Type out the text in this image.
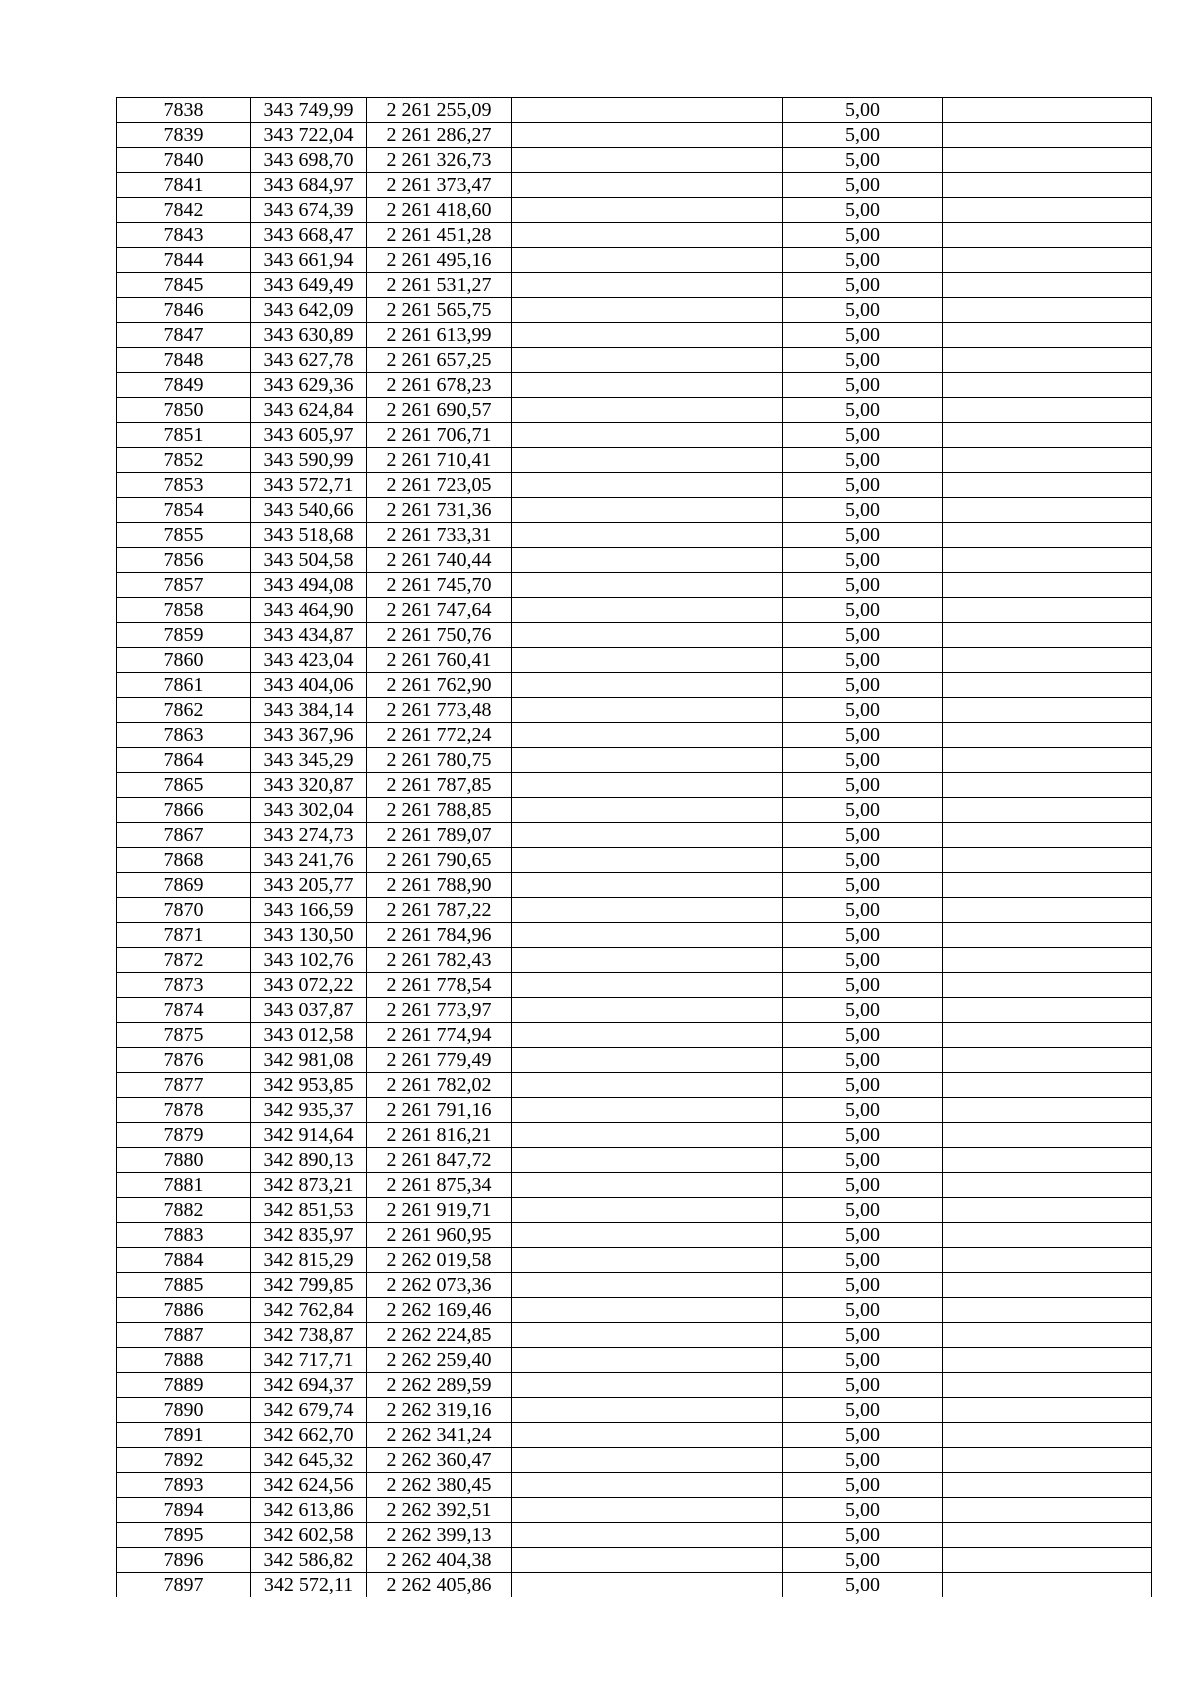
7838	343 749,99	2 261 255,09		5,00	
7839	343 722,04	2 261 286,27		5,00	
7840	343 698,70	2 261 326,73		5,00	
7841	343 684,97	2 261 373,47		5,00	
7842	343 674,39	2 261 418,60		5,00	
7843	343 668,47	2 261 451,28		5,00	
7844	343 661,94	2 261 495,16		5,00	
7845	343 649,49	2 261 531,27		5,00	
7846	343 642,09	2 261 565,75		5,00	
7847	343 630,89	2 261 613,99		5,00	
7848	343 627,78	2 261 657,25		5,00	
7849	343 629,36	2 261 678,23		5,00	
7850	343 624,84	2 261 690,57		5,00	
7851	343 605,97	2 261 706,71		5,00	
7852	343 590,99	2 261 710,41		5,00	
7853	343 572,71	2 261 723,05		5,00	
7854	343 540,66	2 261 731,36		5,00	
7855	343 518,68	2 261 733,31		5,00	
7856	343 504,58	2 261 740,44		5,00	
7857	343 494,08	2 261 745,70		5,00	
7858	343 464,90	2 261 747,64		5,00	
7859	343 434,87	2 261 750,76		5,00	
7860	343 423,04	2 261 760,41		5,00	
7861	343 404,06	2 261 762,90		5,00	
7862	343 384,14	2 261 773,48		5,00	
7863	343 367,96	2 261 772,24		5,00	
7864	343 345,29	2 261 780,75		5,00	
7865	343 320,87	2 261 787,85		5,00	
7866	343 302,04	2 261 788,85		5,00	
7867	343 274,73	2 261 789,07		5,00	
7868	343 241,76	2 261 790,65		5,00	
7869	343 205,77	2 261 788,90		5,00	
7870	343 166,59	2 261 787,22		5,00	
7871	343 130,50	2 261 784,96		5,00	
7872	343 102,76	2 261 782,43		5,00	
7873	343 072,22	2 261 778,54		5,00	
7874	343 037,87	2 261 773,97		5,00	
7875	343 012,58	2 261 774,94		5,00	
7876	342 981,08	2 261 779,49		5,00	
7877	342 953,85	2 261 782,02		5,00	
7878	342 935,37	2 261 791,16		5,00	
7879	342 914,64	2 261 816,21		5,00	
7880	342 890,13	2 261 847,72		5,00	
7881	342 873,21	2 261 875,34		5,00	
7882	342 851,53	2 261 919,71		5,00	
7883	342 835,97	2 261 960,95		5,00	
7884	342 815,29	2 262 019,58		5,00	
7885	342 799,85	2 262 073,36		5,00	
7886	342 762,84	2 262 169,46		5,00	
7887	342 738,87	2 262 224,85		5,00	
7888	342 717,71	2 262 259,40		5,00	
7889	342 694,37	2 262 289,59		5,00	
7890	342 679,74	2 262 319,16		5,00	
7891	342 662,70	2 262 341,24		5,00	
7892	342 645,32	2 262 360,47		5,00	
7893	342 624,56	2 262 380,45		5,00	
7894	342 613,86	2 262 392,51		5,00	
7895	342 602,58	2 262 399,13		5,00	
7896	342 586,82	2 262 404,38		5,00	
7897	342 572,11	2 262 405,86		5,00	
